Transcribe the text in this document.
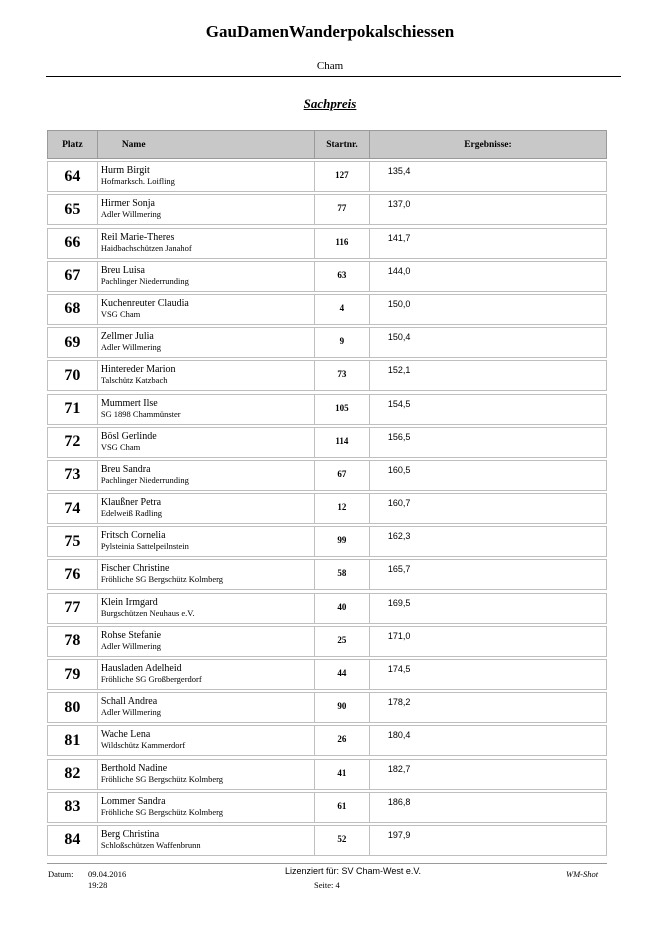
GauDamenWanderpokalschiessen
Cham
Sachpreis
Platz	Name	Startnr.	Ergebnisse:
64	Hurm Birgit
Hofmarksch. Loifling
127	135,4
65	Hirmer Sonja
Adler Willmering
77	137,0
66	Reil Marie-Theres
Haidbachschützen Janahof
116	141,7
67	Breu Luisa
Pachlinger Niederrunding
63	144,0
68	Kuchenreuter Claudia
VSG Cham
4	150,0
69	Zellmer Julia
Adler Willmering
9	150,4
70	Hintereder Marion
Talschütz Katzbach
73	152,1
71	Mummert Ilse
SG 1898 Chammünster
105	154,5
72	Bösl Gerlinde
VSG Cham
114	156,5
73	Breu Sandra
Pachlinger Niederrunding
67	160,5
74	Klaußner Petra
Edelweiß Radling
12	160,7
75	Fritsch Cornelia
Pylsteinia Sattelpeilnstein
99	162,3
76	Fischer Christine
Fröhliche SG Bergschütz Kolmberg
58	165,7
77	Klein Irmgard
Burgschützen Neuhaus e.V.
40	169,5
78	Rohse Stefanie
Adler Willmering
25	171,0
79	Hausladen Adelheid
Fröhliche SG Großbergerdorf
44	174,5
80	Schall Andrea
Adler Willmering
90	178,2
81	Wache Lena
Wildschütz Kammerdorf
26	180,4
82	Berthold Nadine
Fröhliche SG Bergschütz Kolmberg
41	182,7
83	Lommer Sandra
Fröhliche SG Bergschütz Kolmberg
61	186,8
84	Berg Christina
Schloßschützen Waffenbrunn
52	197,9
Datum: 09.04.2016
19:28
Lizenziert für: SV Cham-West e.V.
Seite: 4
WM-Shot
